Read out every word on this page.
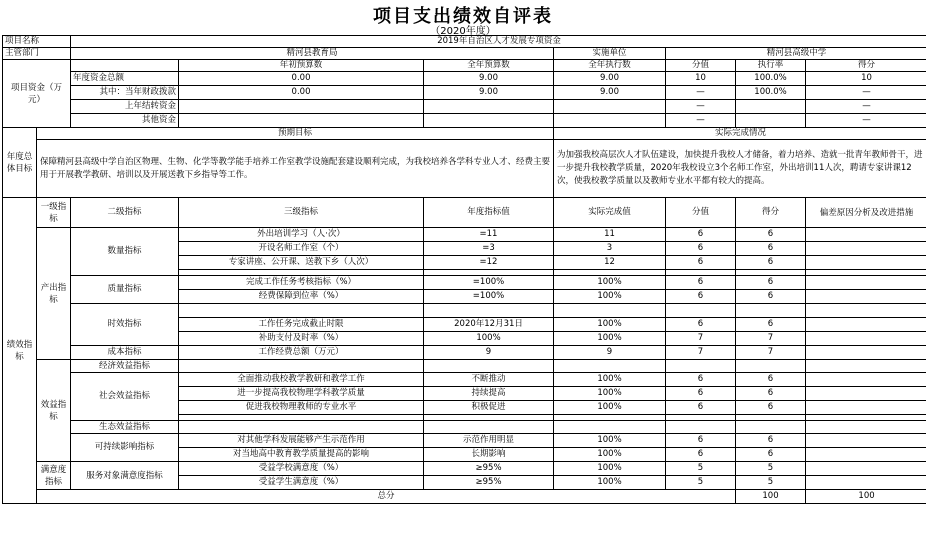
项目支出绩效自评表
（2020年度）
项目名称		2019年自治区人才发展专项资金							
主管部门		精河县教育局			实施单位	精河县高级中学			
项目资金（万元）			年初预算数	全年预算数	全年执行数	分值	执行率	得分	
		年度资金总额	0.00	9.00	9.00	10	100.0%	10	
		其中：当年财政拨款	0.00	9.00	9.00	—	100.0%	—	
		上年结转资金				—		—	
		其他资金				—		—	
年度总体目标	预期目标				实际完成情况				
	保障精河县高级中学自治区物理、生物、化学等教学能手培养工作室教学设施配套建设顺利完成，为我校培养各学科专业人才、经费主要用于开展教学教研、培训以及开展送教下乡指导等工作。				为加强我校高层次人才队伍建设，加快提升我校人才储备，着力培养、造就一批青年教师骨干，进一步提升我校教学质量，2020年我校设立3个名师工作室，外出培训11人次，聘请专家讲课12次，使我校教学质量以及教师专业水平都有较大的提高。				
绩效指标	一级指标	二级指标	三级指标	年度指标值	实际完成值	分值	得分	偏差原因分析及改进措施	
	产出指标	数量指标	外出培训学习（人·次）	=11	11	6	6		
			开设名师工作室（个）	=3	3	6	6		
			专家讲座、公开课、送教下乡（人次）	=12	12	6	6		

		质量指标	完成工作任务考核指标（%）	=100%	100%	6	6		
			经费保障到位率（%）	=100%	100%	6	6		
		时效指标							
			工作任务完成截止时限	2020年12月31日	100%	6	6		
			补助支付及时率（%）	100%	100%	7	7		
		成本指标	工作经费总额（万元）	9	9	7	7		
	效益指标	经济效益指标							
		社会效益指标	全面推动我校教学教研和教学工作	不断推动	100%	6	6		
			进一步提高我校物理学科教学质量	持续提高	100%	6	6		
			促进我校物理教师的专业水平	积极促进	100%	6	6		

		生态效益指标							
		可持续影响指标	对其他学科发展能够产生示范作用	示范作用明显	100%	6	6		
			对当地高中教育教学质量提高的影响	长期影响	100%	6	6		
	满意度指标	服务对象满意度指标	受益学校满意度（%）	≥95%	100%	5	5		
			受益学生满意度（%）	≥95%	100%	5	5		
	总分						100	100	
